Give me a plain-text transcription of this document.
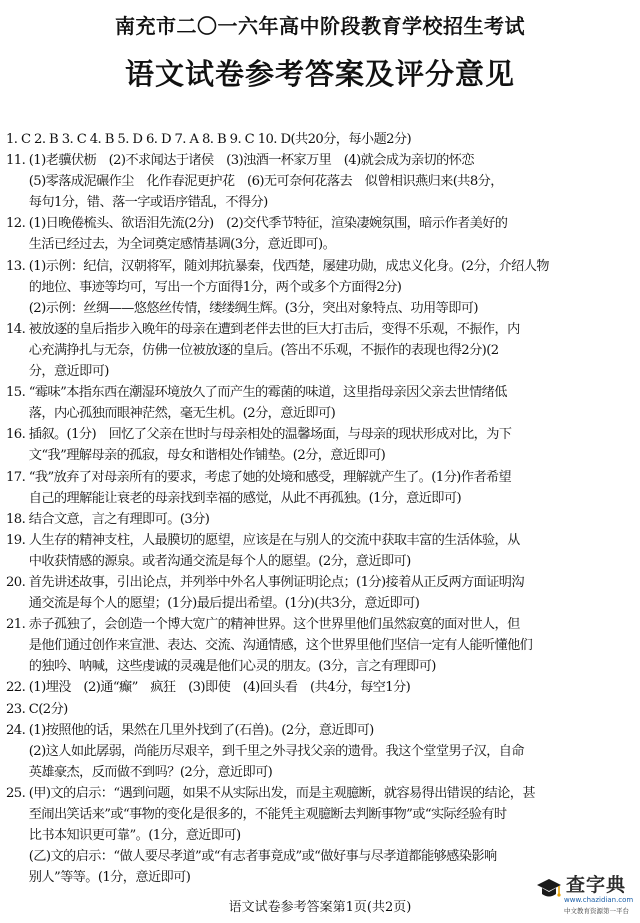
南充市二〇一六年高中阶段教育学校招生考试
语文试卷参考答案及评分意见
1. C 2. B 3. C 4. B 5. D 6. D 7. A 8. B 9. C 10. D(共20分，每小题2分)
11. (1)老骥伏枥　(2)不求闻达于诸侯　(3)浊酒一杯家万里　(4)就会成为亲切的怀恋
(5)零落成泥碾作尘　化作春泥更护花　(6)无可奈何花落去　似曾相识燕归来(共8分，
每句1分，错、落一字或语序错乱，不得分)
12. (1)日晚倦梳头、欲语泪先流(2分)　(2)交代季节特征，渲染凄婉氛围，暗示作者美好的
生活已经过去，为全词奠定感情基调(3分，意近即可)。
13. (1)示例：纪信，汉朝将军，随刘邦抗暴秦，伐西楚，屡建功勋，成忠义化身。(2分，介绍人物
的地位、事迹等均可，写出一个方面得1分，两个或多个方面得2分)
(2)示例：丝绸——悠悠丝传情，缕缕绸生辉。(3分，突出对象特点、功用等即可)
14. 被放逐的皇后指步入晚年的母亲在遭到老伴去世的巨大打击后，变得不乐观，不振作，内
心充满挣扎与无奈，仿佛一位被放逐的皇后。(答出不乐观，不振作的表现也得2分)(2
分，意近即可)
15. “霉味”本指东西在潮湿环境放久了而产生的霉菌的味道，这里指母亲因父亲去世情绪低
落，内心孤独而眼神茫然，毫无生机。(2分，意近即可)
16. 插叙。(1分)　回忆了父亲在世时与母亲相处的温馨场面，与母亲的现状形成对比，为下
文“我”理解母亲的孤寂，母女和谐相处作铺垫。(2分，意近即可)
17. “我”放弃了对母亲所有的要求，考虑了她的处境和感受，理解就产生了。(1分)作者希望
自己的理解能让衰老的母亲找到幸福的感觉，从此不再孤独。(1分，意近即可)
18. 结合文意，言之有理即可。(3分)
19. 人生存的精神支柱，人最膜切的愿望，应该是在与别人的交流中获取丰富的生活体验，从
中收获情感的源泉。或者沟通交流是每个人的愿望。(2分，意近即可)
20. 首先讲述故事，引出论点，并列举中外名人事例证明论点；(1分)接着从正反两方面证明沟
通交流是每个人的愿望；(1分)最后提出希望。(1分)(共3分，意近即可)
21. 赤子孤独了，会创造一个博大宽广的精神世界。这个世界里他们虽然寂寞的面对世人，但
是他们通过创作来宣泄、表达、交流、沟通情感，这个世界里他们坚信一定有人能听懂他们
的独吟、呐喊，这些虔诚的灵魂是他们心灵的朋友。(3分，言之有理即可)
22. (1)埋没　(2)通“癫”　疯狂　(3)即使　(4)回头看　(共4分，每空1分)
23. C(2分)
24. (1)按照他的话，果然在几里外找到了(石兽)。(2分，意近即可)
(2)这人如此孱弱，尚能历尽艰辛，到千里之外寻找父亲的遗骨。我这个堂堂男子汉，自命
英雄豪杰，反而做不到吗？(2分，意近即可)
25. (甲)文的启示：“遇到问题，如果不从实际出发，而是主观臆断，就容易得出错误的结论，甚
至闹出笑话来”或“事物的变化是很多的，不能凭主观臆断去判断事物”或“实际经验有时
比书本知识更可靠”。(1分，意近即可)
(乙)文的启示：“做人要尽孝道”或“有志者事竟成”或“做好事与尽孝道都能够感染影响
别人”等等。(1分，意近即可)
语文试卷参考答案第1页(共2页)
查字典
www.chazidian.com
中文教育资源第一平台
